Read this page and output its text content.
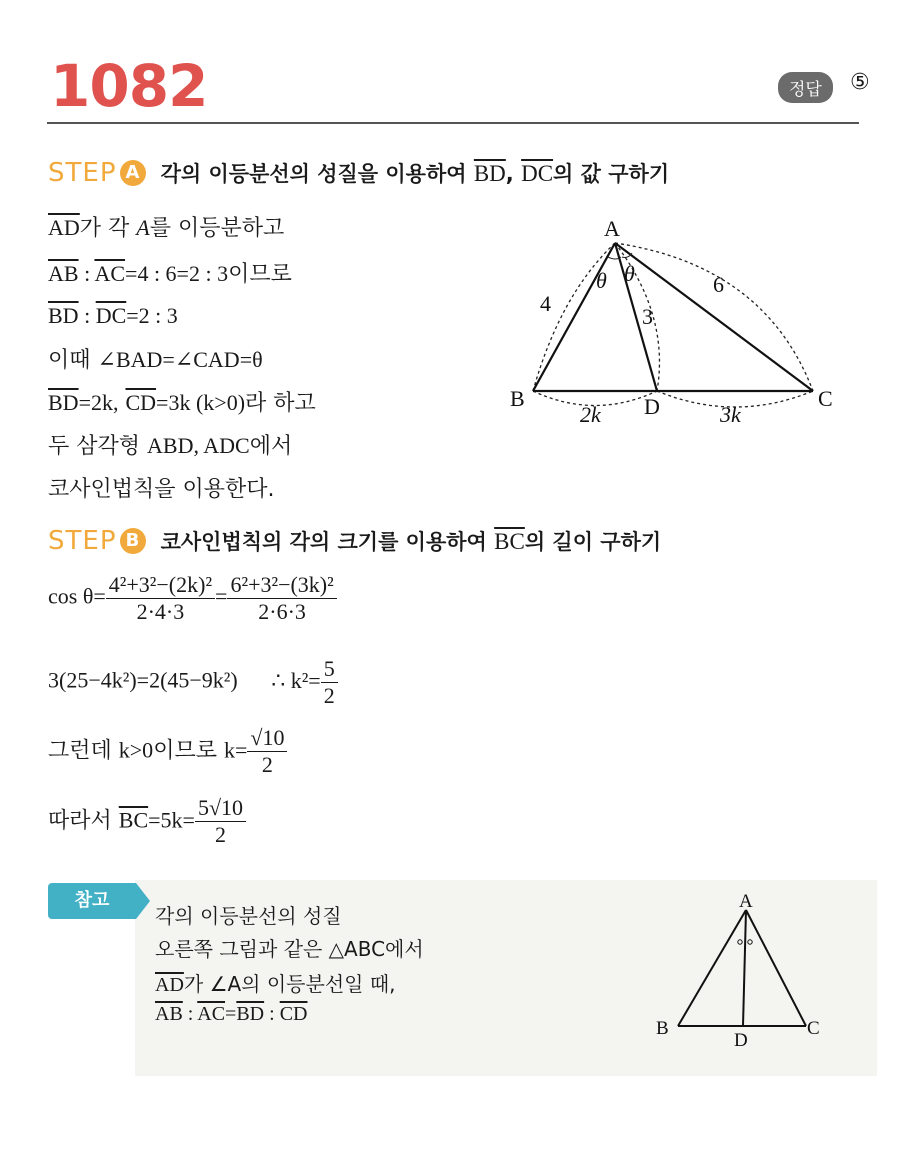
1082	정답	⑤
STEP A 각의 이등분선의 성질을 이용하여 $\overline{BD}$, $\overline{DC}$의 값 구하기
$\overline{AD}$가 각 A를 이등분하고
$\overline{AB}$ : $\overline{AC}=4$ : 6=2 : 3이므로
$\overline{BD}$ : $\overline{DC}=2$ : 3
이때 ∠BAD=∠CAD=θ
$\overline{BD}=2k$, $\overline{CD}=3k$ (k>0)라 하고
두 삼각형 ABD, ADC에서
코사인법칙을 이용한다.
A
B	C
D
4
6
3
θ θ
2k	3k
STEP B 코사인법칙의 각의 크기를 이용하여 $\overline{BC}$의 길이 구하기
$\cos \theta= \frac{\text{4²+3²−(2k)²}}{2\cdot 4\cdot 3} = \frac{\text{6²+3²−(3k)²}}{2\cdot 6\cdot 3}$
3(25−4k²)=2(45−9k²) ∴ $k^2= \frac{5}{2}$
그런데 k>0이므로 $k= \frac{√10}{2}$
따라서 $\overline{BC}=5k= \frac{5√10}{2}$
참고
각의 이등분선의 성질
오른쪽 그림과 같은 △ABC에서
$\overline{AD}$가 ∠A의 이등분선일 때,
$\overline{AB}$ : $\overline{AC}=\overline{BD}$ : $\overline{CD}$
A
B	C
D
